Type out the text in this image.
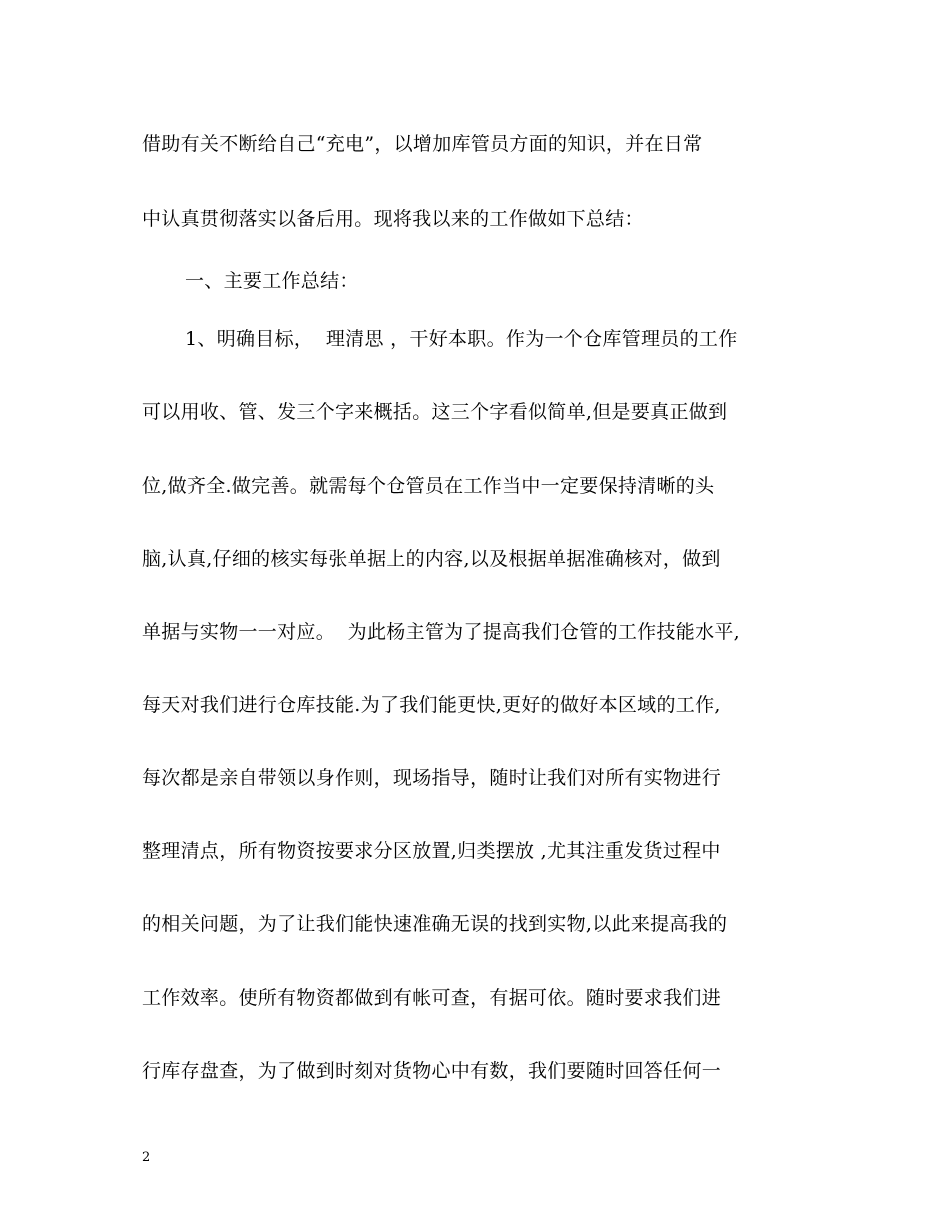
借助有关不断给自己“充电”，以增加库管员方面的知识，并在日常
中认真贯彻落实以备后用。现将我以来的工作做如下总结：
一、主要工作总结：
1、明确目标，  理清思 ，干好本职。作为一个仓库管理员的工作
可以用收、管、发三个字来概括。这三个字看似简单,但是要真正做到
位,做齐全.做完善。就需每个仓管员在工作当中一定要保持清晰的头
脑,认真,仔细的核实每张单据上的内容,以及根据单据准确核对，做到
单据与实物一一对应。  为此杨主管为了提高我们仓管的工作技能水平,
每天对我们进行仓库技能.为了我们能更快,更好的做好本区域的工作,
每次都是亲自带领以身作则，现场指导，随时让我们对所有实物进行
整理清点，所有物资按要求分区放置,归类摆放 ,尤其注重发货过程中
的相关问题，为了让我们能快速准确无误的找到实物,以此来提高我的
工作效率。使所有物资都做到有帐可查，有据可依。随时要求我们进
行库存盘查，为了做到时刻对货物心中有数，我们要随时回答任何一
2
